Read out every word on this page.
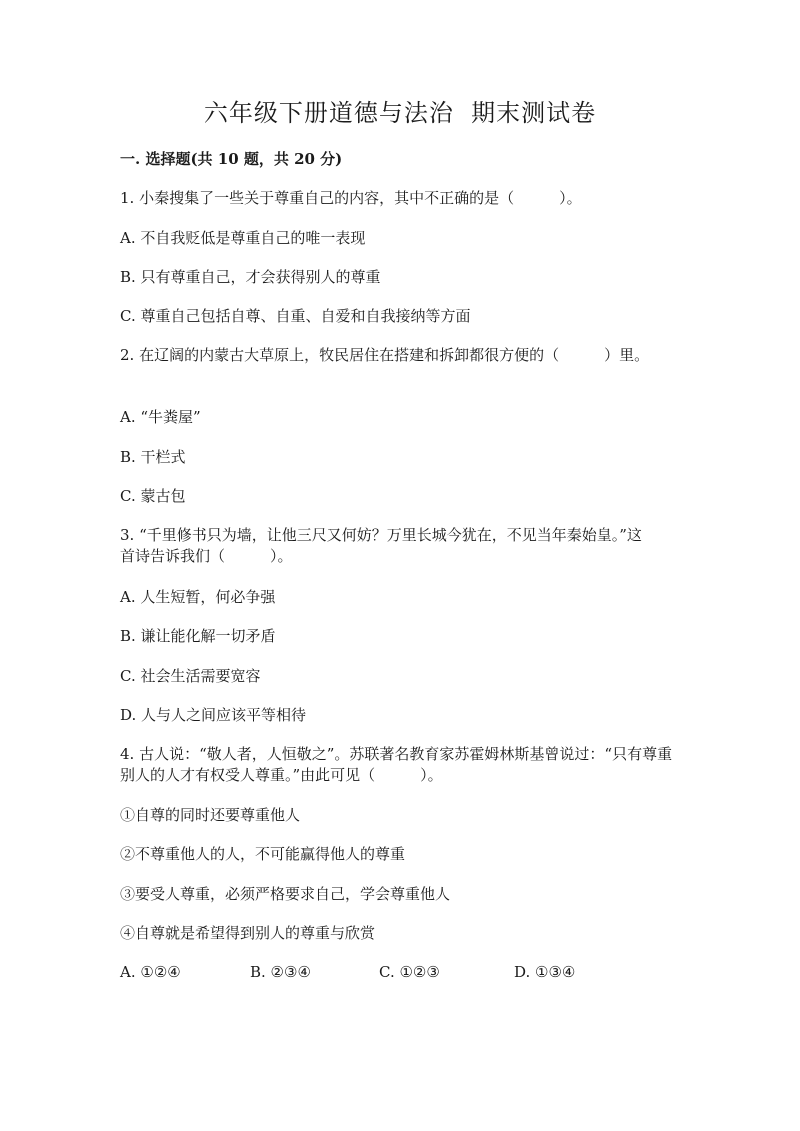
六年级下册道德与法治  期末测试卷
一. 选择题(共 10 题，共 20 分)
1. 小秦搜集了一些关于尊重自己的内容，其中不正确的是（　　　）。
A. 不自我贬低是尊重自己的唯一表现
B. 只有尊重自己，才会获得别人的尊重
C. 尊重自己包括自尊、自重、自爱和自我接纳等方面
2. 在辽阔的内蒙古大草原上，牧民居住在搭建和拆卸都很方便的（　　　）里。
A. “牛粪屋”
B. 干栏式
C. 蒙古包
3. “千里修书只为墙，让他三尺又何妨？万里长城今犹在，不见当年秦始皇。”这首诗告诉我们（　　　）。
A. 人生短暂，何必争强
B. 谦让能化解一切矛盾
C. 社会生活需要宽容
D. 人与人之间应该平等相待
4. 古人说：“敬人者，人恒敬之”。苏联著名教育家苏霍姆林斯基曾说过：“只有尊重别人的人才有权受人尊重。”由此可见（　　　）。
①自尊的同时还要尊重他人
②不尊重他人的人，不可能赢得他人的尊重
③要受人尊重，必须严格要求自己，学会尊重他人
④自尊就是希望得到别人的尊重与欣赏
A. ①②④	B. ②③④	C. ①②③	D. ①③④
